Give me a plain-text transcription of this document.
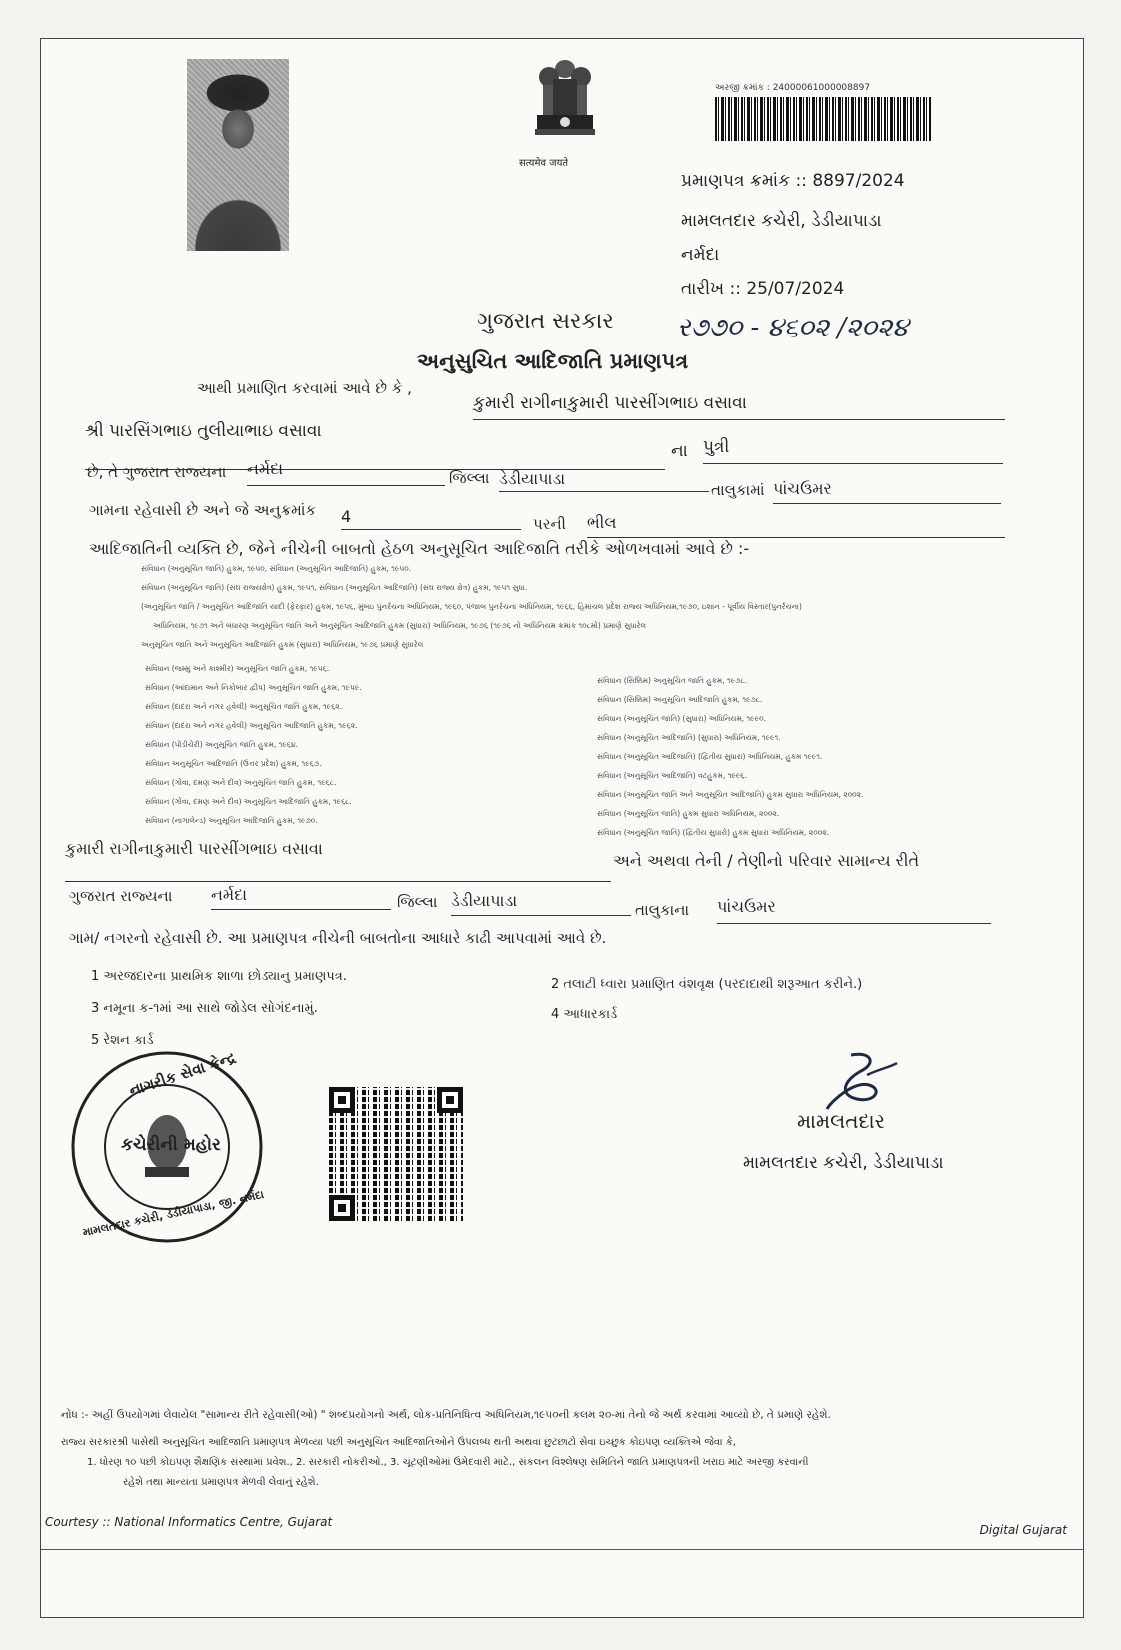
सत्यमेव जयते
અરજી ક્રમાંક : 24000061000008897
પ્રમાણપત્ર ક્રમાંક :: 8897/2024
મામલતદાર કચેરી, ડેડીયાપાડા
નર્મદા
તારીખ :: 25/07/2024
ગુજરાત સરકાર ર૭૭૦ - ૪૬૦૨ /૨૦૨૪
અનુસુચિત આદિજાતિ પ્રમાણપત્ર
આથી પ્રમાણિત કરવામાં આવે છે કે ,
કુમારી રાગીનાકુમારી પારસીંગભાઇ વસાવા
શ્રી પારસિંગભાઇ તુલીયાભાઇ વસાવા
ના પુત્રી
છે, તે ગુજરાત રાજ્યના નર્મદા	જિલ્લા ડેડીયાપાડા
તાલુકામાં પાંચઉમર
ગામના રહેવાસી છે અને જે અનુક્રમાંક 4	પરની ભીલ
આદિજાતિની વ્યક્તિ છે, જેને નીચેની બાબતો હેઠળ અનુસૂચિત આદિજાતિ તરીકે ઓળખવામાં આવે છે :-
સંવિધાન (અનુસૂચિત જાતિ) હુકમ, ૧૯૫૦, સંવિધાન (અનુસૂચિત આદિજાતિ) હુકમ, ૧૯૫૦.
સંવિધાન (અનુસૂચિત જાતિ) (સંઘ રાજ્યક્ષેત્ર) હુકમ, ૧૯૫૧, સંવિધાન (અનુસૂચિત આદિજાતિ) (સંઘ રાજ્ય ક્ષેત્ર) હુકમ, ૧૯૫૧ સુધા.
(અનુસૂચિત જાતિ / અનુસૂચિત આદિજાતિ યાદી (ફેરફાર) હુકમ, ૧૯૫૬, મુંબઇ પુનર્રચના અધિનિયમ, ૧૯૬૦, પંજાબ પુનર્રચના અધિનિયમ, ૧૯૬૬, હિમાચલ પ્રદેશ રાજ્ય અધિનિયમ,૧૯૭૦, ઇશાન - પૂર્વીય વિસ્તાર(પુનર્રચના)
અધિનિયમ, ૧૯૭૧ અને બંધારણ અનુસૂચિત જાતિ અને અનુસૂચિત આદિજાતિ હુકમ (સુધારા) અધિનિયમ, ૧૯૭૬ (૧૯૭૬ નો અધિનિયમ ક્રમાંક ૧૦૮મો) પ્રમાણે સુધારેલ
અનુસૂચિત જાતિ અને અનુસૂચિત આદિજાતિ હુકમ (સુધારા) અધિનિયમ, ૧૯૭૬ પ્રમાણે સુધારેલ
સંવિધાન (જમ્મુ અને કાશ્મીર) અનુસૂચિત જાતિ હુકમ, ૧૯૫૬.
સંવિધાન (આંદામાન અને નિકોબાર દ્વીપ) અનુસૂચિત જાતિ હુકમ, ૧૯૫૯.
સંવિધાન (દાદરા અને નગર હવેલી) અનુસૂચિત જાતિ હુકમ, ૧૯૬૨.
સંવિધાન (દાદરા અને નગર હવેલી) અનુસૂચિત આદિજાતિ હુકમ, ૧૯૬૨.
સંવિધાન (પોંડીચેરી) અનુસૂચિત જાતિ હુકમ, ૧૯૬૪.
સંવિધાન અનુસૂચિત આદિજાતિ (ઉત્તર પ્રદેશ) હુકમ, ૧૯૬૭.
સંવિધાન (ગોવા, દમણ અને દીવ) અનુસૂચિત જાતિ હુકમ, ૧૯૬૮.
સંવિધાન (ગોવા, દમણ અને દીવ) અનુસૂચિત આદિજાતિ હુકમ, ૧૯૬૮.
સંવિધાન (નાગાલેન્ડ) અનુસૂચિત આદિજાતિ હુકમ, ૧૯૭૦.
સંવિધાન (સિક્કિમ) અનુસૂચિત જાતિ હુકમ, ૧૯૭૮.
સંવિધાન (સિક્કિમ) અનુસૂચિત આદિજાતિ હુકમ, ૧૯૭૮.
સંવિધાન (અનુસૂચિત જાતિ) (સુધારા) અધિનિયમ, ૧૯૯૦.
સંવિધાન (અનુસૂચિત આદિજાતિ) (સુધારા) અધિનિયમ, ૧૯૯૧.
સંવિધાન (અનુસૂચિત આદિજાતિ) (દ્વિતીય સુધારા) અધિનિયમ, હુકમ ૧૯૯૧.
સંવિધાન (અનુસૂચિત આદિજાતિ) વટહુકમ, ૧૯૯૬.
સંવિધાન (અનુસૂચિત જાતિ અને અનુસૂચિત આદિજાતિ) હુકમ સુધારા અધિનિયમ, ૨૦૦૨.
સંવિધાન (અનુસૂચિત જાતિ) હુકમ સુધારા અધિનિયમ, ૨૦૦૨.
સંવિધાન (અનુસૂચિત જાતિ) (દ્વિતીય સુધારો) હુકમ સુધારા અધિનિયમ, ૨૦૦૨.
કુમારી રાગીનાકુમારી પારસીંગભાઇ વસાવા
અને અથવા તેની / તેણીનો પરિવાર સામાન્ય રીતે
ગુજરાત રાજ્યના નર્મદા	જિલ્લા ડેડીયાપાડા	તાલુકાના પાંચઉમર
ગામ/ નગરનો રહેવાસી છે. આ પ્રમાણપત્ર નીચેની બાબતોના આધારે કાઢી આપવામાં આવે છે.
1 અરજદારના પ્રાથમિક શાળા છોડ્યાનુ પ્રમાણપત્ર.
2 તલાટી ધ્વારા પ્રમાણિત વંશવૃક્ષ (પરદાદાથી શરૂઆત કરીને.)
3 નમૂના ક-૧માં આ સાથે જોડેલ સોગંદનામું.	4 આધારકાર્ડ
5 રેશન કાર્ડ
નાગરીક સેવા કેન્દ્ર
કચેરીની મહોર
મામલતદાર કચેરી, ડેડીયાપાડા, જી. નર્મદા
મામલતદાર
મામલતદાર કચેરી, ડેડીયાપાડા
નોંધ :- અહીં ઉપયોગમાં લેવાયેલ "સામાન્ય રીતે રહેવાસી(ઓ) " શબ્દપ્રયોગનો અર્થ, લોક-પ્રતિનિધિત્વ અધિનિયમ,૧૯૫૦ની કલમ ૨૦-માં તેનો જે અર્થ કરવામાં આવ્યો છે, તે પ્રમાણે રહેશે.
રાજ્ય સરકારશ્રી પાસેથી અનુસૂચિત આદિજાતિ પ્રમાણપત્ર મેળવ્યા પછી અનુસૂચિત આદિજાતિઓને ઉપલબ્ધ થતી અથવા છુટછાટો સેવા ઇચ્છુક કોઇપણ વ્યક્તિએ જેવા કે,
1. ધોરણ ૧૦ પછી કોઇપણ શૈક્ષણિક સંસ્થામાં પ્રવેશ., 2. સરકારી નોકરીઓ., 3. ચૂંટણીઓમાં ઉમેદવારી માટે., સંકલન વિશ્લેષણ સમિતિને જાતિ પ્રમાણપત્રની ખરાઇ માટે અરજી કરવાની
રહેશે તથા માન્યતા પ્રમાણપત્ર મેળવી લેવાનું રહેશે.
Courtesy :: National Informatics Centre, Gujarat
Digital Gujarat
